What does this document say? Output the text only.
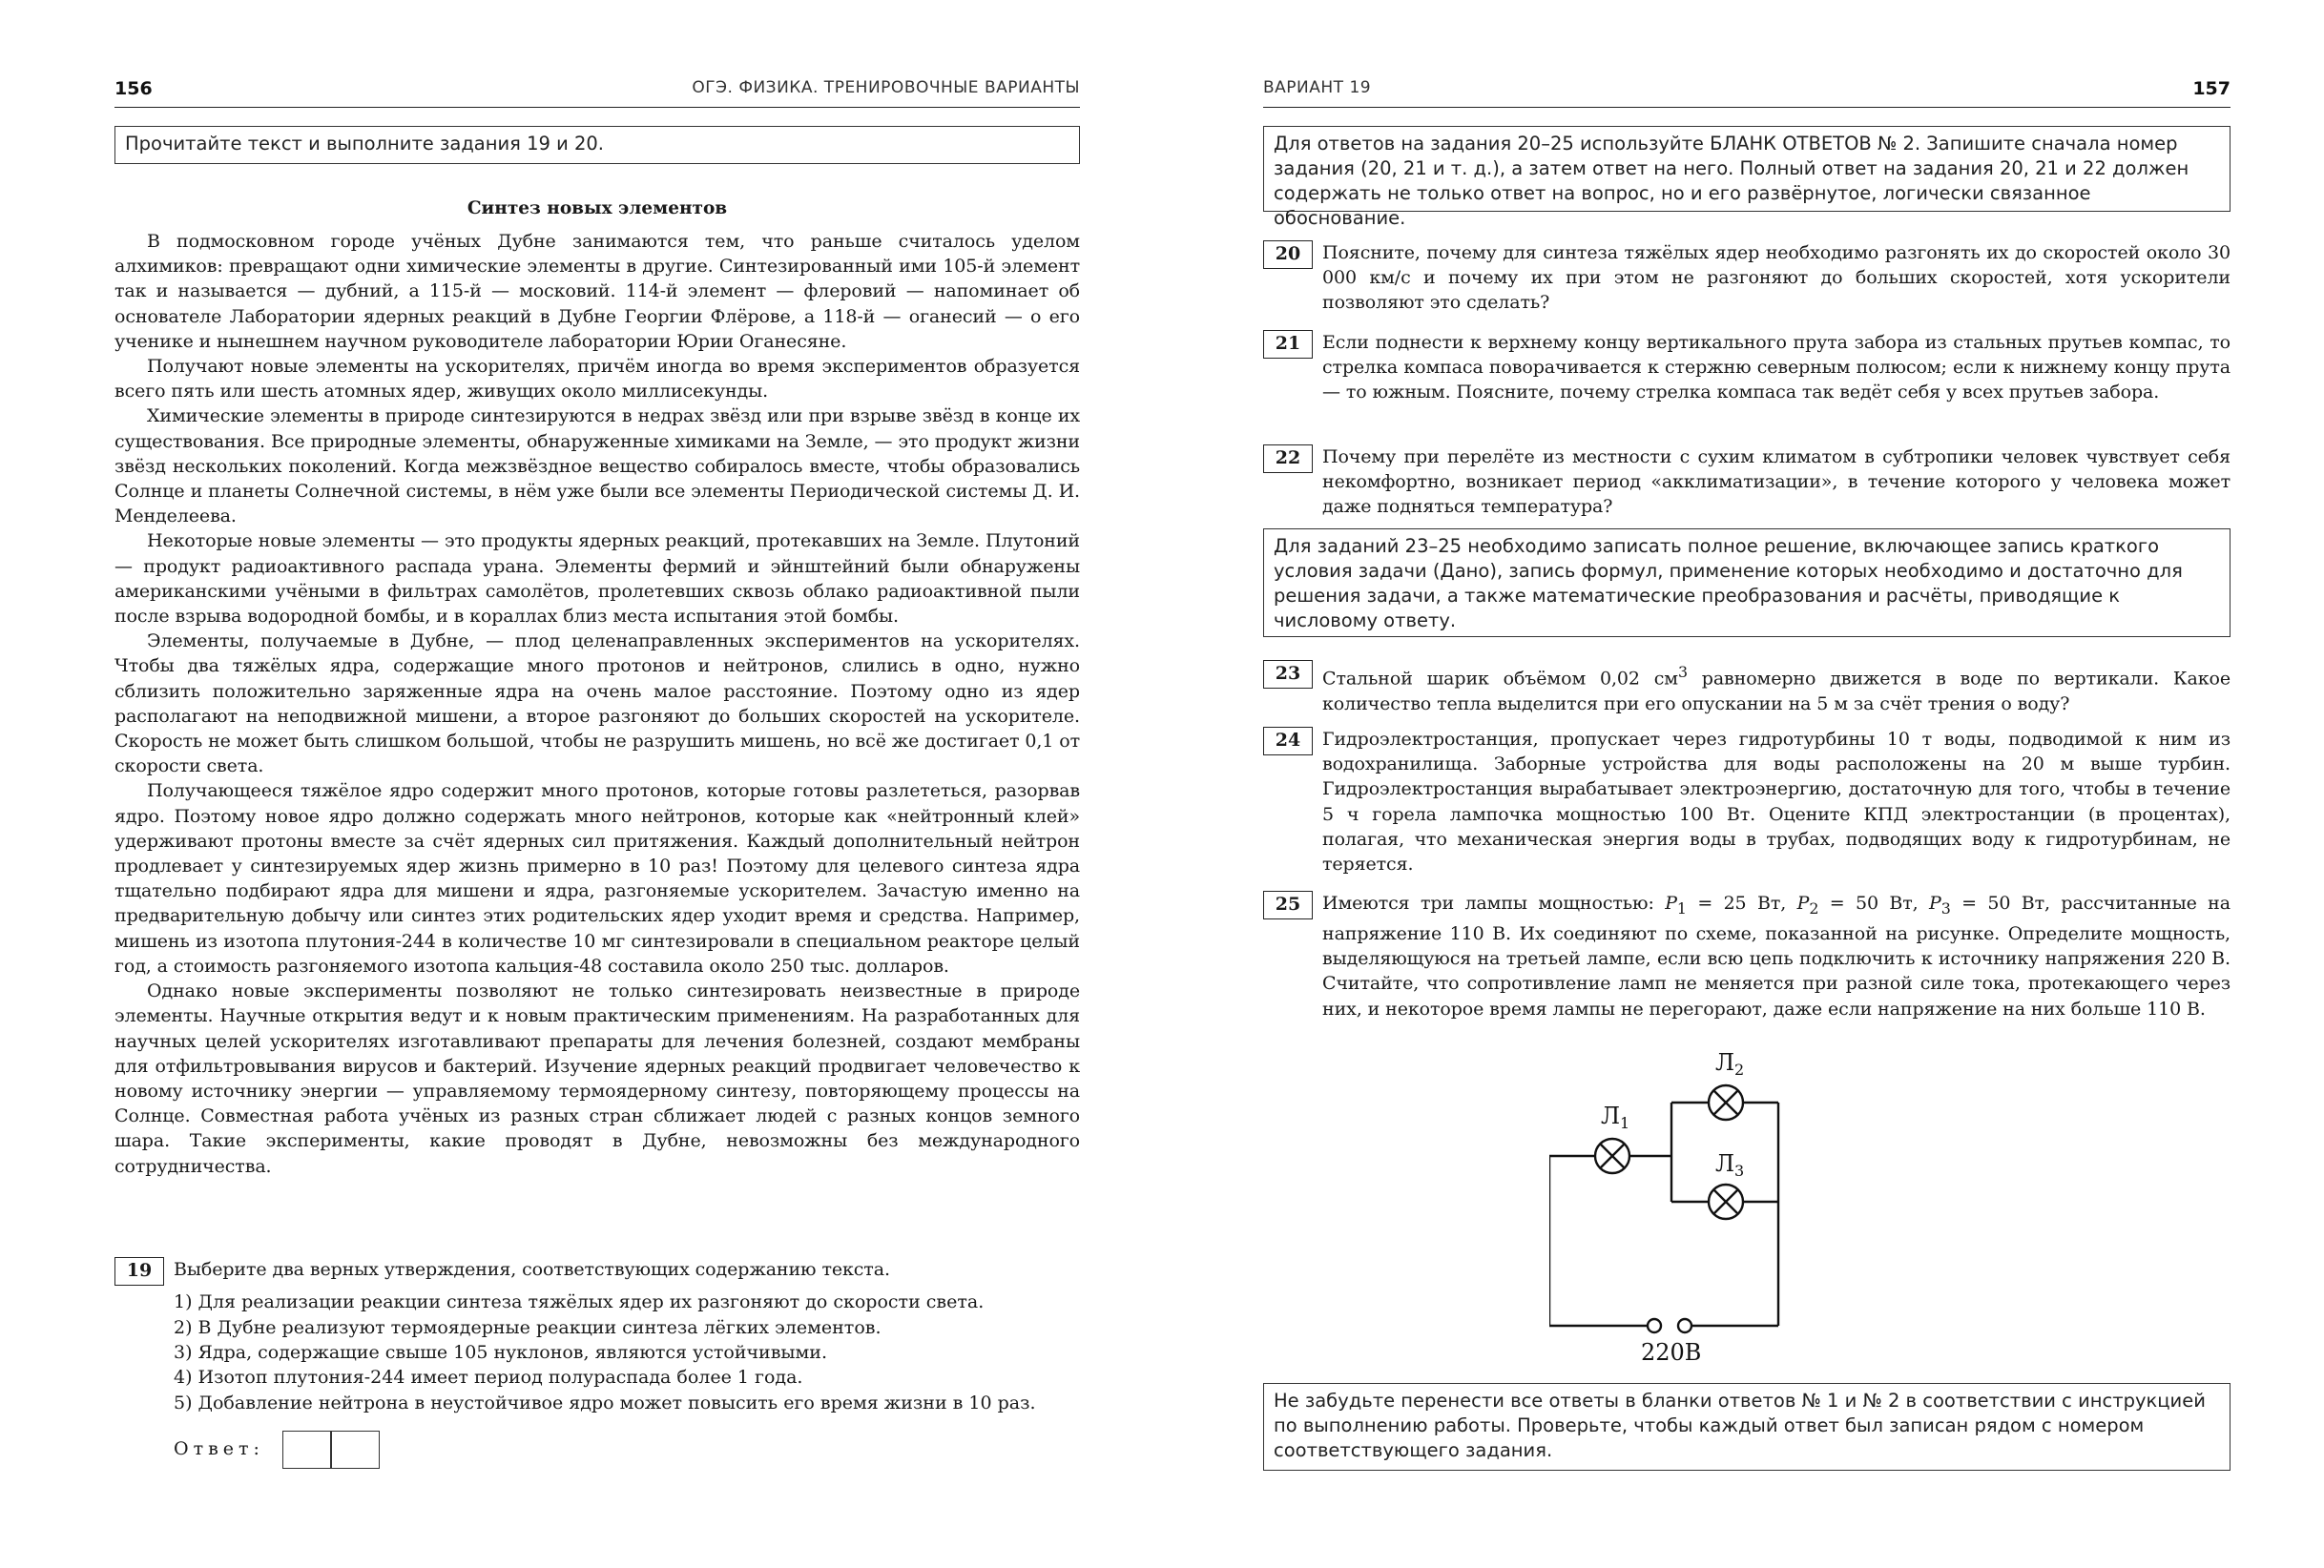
156	ОГЭ. ФИЗИКА. ТРЕНИРОВОЧНЫЕ ВАРИАНТЫ
Прочитайте текст и выполните задания 19 и 20.
Синтез новых элементов

В подмосковном городе учёных Дубне занимаются тем, что раньше считалось уделом алхимиков: превращают одни химические элементы в другие. Синтезированный ими 105-й элемент так и называется — дубний, а 115-й — московий. 114-й элемент — флеровий — напоминает об основателе Лаборатории ядерных реакций в Дубне Георгии Флёрове, а 118-й — оганесий — о его ученике и нынешнем научном руководителе лаборатории Юрии Оганесяне.

Получают новые элементы на ускорителях, причём иногда во время экспериментов образуется всего пять или шесть атомных ядер, живущих около миллисекунды.

Химические элементы в природе синтезируются в недрах звёзд или при взрыве звёзд в конце их существования. Все природные элементы, обнаруженные химиками на Земле, — это продукт жизни звёзд нескольких поколений. Когда межзвёздное вещество собиралось вместе, чтобы образовались Солнце и планеты Солнечной системы, в нём уже были все элементы Периодической системы Д. И. Менделеева.

Некоторые новые элементы — это продукты ядерных реакций, протекавших на Земле. Плутоний — продукт радиоактивного распада урана. Элементы фермий и эйнштейний были обнаружены американскими учёными в фильтрах самолётов, пролетевших сквозь облако радиоактивной пыли после взрыва водородной бомбы, и в кораллах близ места испытания этой бомбы.

Элементы, получаемые в Дубне, — плод целенаправленных экспериментов на ускорителях. Чтобы два тяжёлых ядра, содержащие много протонов и нейтронов, слились в одно, нужно сблизить положительно заряженные ядра на очень малое расстояние. Поэтому одно из ядер располагают на неподвижной мишени, а второе разгоняют до больших скоростей на ускорителе. Скорость не может быть слишком большой, чтобы не разрушить мишень, но всё же достигает 0,1 от скорости света.

Получающееся тяжёлое ядро содержит много протонов, которые готовы разлететься, разорвав ядро. Поэтому новое ядро должно содержать много нейтронов, которые как «нейтронный клей» удерживают протоны вместе за счёт ядерных сил притяжения. Каждый дополнительный нейтрон продлевает у синтезируемых ядер жизнь примерно в 10 раз! Поэтому для целевого синтеза ядра тщательно подбирают ядра для мишени и ядра, разгоняемые ускорителем. Зачастую именно на предварительную добычу или синтез этих родительских ядер уходит время и средства. Например, мишень из изотопа плутония-244 в количестве 10 мг синтезировали в специальном реакторе целый год, а стоимость разгоняемого изотопа кальция-48 составила около 250 тыс. долларов.

Однако новые эксперименты позволяют не только синтезировать неизвестные в природе элементы. Научные открытия ведут и к новым практическим применениям. На разработанных для научных целей ускорителях изготавливают препараты для лечения болезней, создают мембраны для отфильтровывания вирусов и бактерий. Изучение ядерных реакций продвигает человечество к новому источнику энергии — управляемому термоядерному синтезу, повторяющему процессы на Солнце. Совместная работа учёных из разных стран сближает людей с разных концов земного шара. Такие эксперименты, какие проводят в Дубне, невозможны без международного сотрудничества.

19	Выберите два верных утверждения, соответствующих содержанию текста.
1) Для реализации реакции синтеза тяжёлых ядер их разгоняют до скорости света.
2) В Дубне реализуют термоядерные реакции синтеза лёгких элементов.
3) Ядра, содержащие свыше 105 нуклонов, являются устойчивыми.
4) Изотоп плутония-244 имеет период полураспада более 1 года.
5) Добавление нейтрона в неустойчивое ядро может повысить его время жизни в 10 раз.
Ответ:
ВАРИАНТ 19	157
Для ответов на задания 20–25 используйте БЛАНК ОТВЕТОВ № 2. Запишите сначала номер задания (20, 21 и т. д.), а затем ответ на него. Полный ответ на задания 20, 21 и 22 должен содержать не только ответ на вопрос, но и его развёрнутое, логически связанное обоснование.
20	Поясните, почему для синтеза тяжёлых ядер необходимо разгонять их до скоростей около 30 000 км/с и почему их при этом не разгоняют до больших скоростей, хотя ускорители позволяют это сделать?
21	Если поднести к верхнему концу вертикального прута забора из стальных прутьев компас, то стрелка компаса поворачивается к стержню северным полюсом; если к нижнему концу прута — то южным. Поясните, почему стрелка компаса так ведёт себя у всех прутьев забора.
22	Почему при перелёте из местности с сухим климатом в субтропики человек чувствует себя некомфортно, возникает период «акклиматизации», в течение которого у человека может даже подняться температура?
Для заданий 23–25 необходимо записать полное решение, включающее запись краткого условия задачи (Дано), запись формул, применение которых необходимо и достаточно для решения задачи, а также математические преобразования и расчёты, приводящие к числовому ответу.
23	Стальной шарик объёмом 0,02 $см^3$ равномерно движется в воде по вертикали. Какое количество тепла выделится при его опускании на 5 м за счёт трения о воду?
24	Гидроэлектростанция, пропускает через гидротурбины 10 т воды, подводимой к ним из водохранилища. Заборные устройства для воды расположены на 20 м выше турбин. Гидроэлектростанция вырабатывает электроэнергию, достаточную для того, чтобы в течение 5 ч горела лампочка мощностью 100 Вт. Оцените КПД электростанции (в процентах), полагая, что механическая энергия воды в трубах, подводящих воду к гидротурбинам, не теряется.
25	Имеются три лампы мощностью: $P_1 = 25$ Вт, $P_2 = 50$ Вт, $P_3 = 50$ Вт, рассчитанные на напряжение 110 В. Их соединяют по схеме, показанной на рисунке. Определите мощность, выделяющуюся на третьей лампе, если всю цепь подключить к источнику напряжения 220 В. Считайте, что сопротивление ламп не меняется при разной силе тока, протекающего через них, и некоторое время лампы не перегорают, даже если напряжение на них больше 110 В.
$Л_1$
$Л_2$
$Л_3$
220В
Не забудьте перенести все ответы в бланки ответов № 1 и № 2 в соответствии с инструкцией по выполнению работы. Проверьте, чтобы каждый ответ был записан рядом с номером соответствующего задания.
